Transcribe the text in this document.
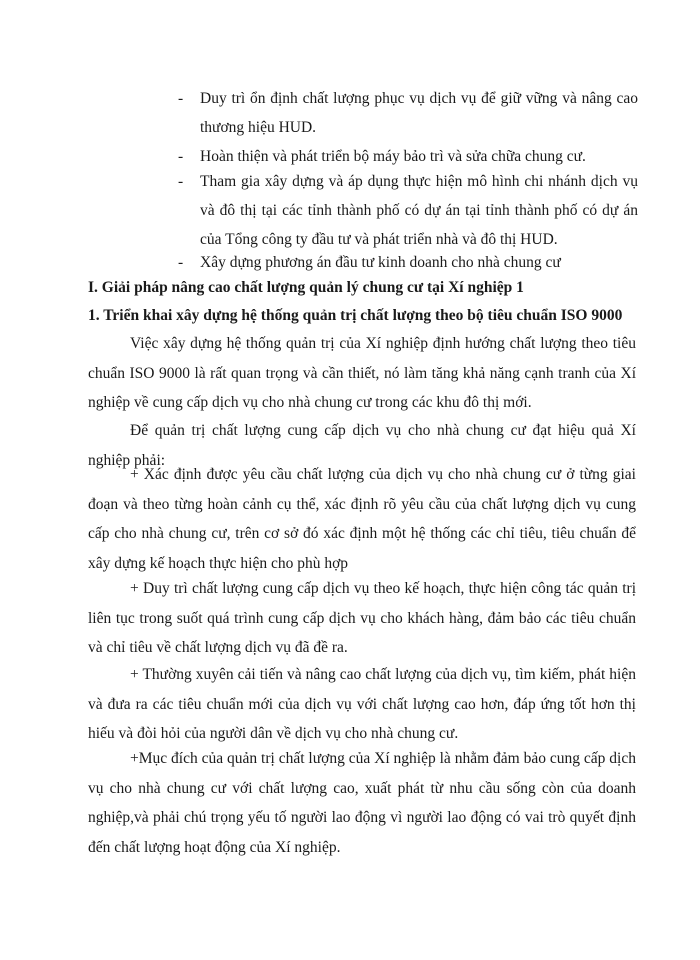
- Duy trì ổn định chất lượng phục vụ dịch vụ để giữ vững và nâng cao thương hiệu HUD.
- Hoàn thiện và phát triển bộ máy bảo trì và sửa chữa chung cư.
- Tham gia xây dựng và áp dụng thực hiện mô hình chi nhánh dịch vụ và đô thị tại các tỉnh thành phố có dự án tại tỉnh thành phố có dự án của Tổng công ty đầu tư và phát triển nhà và đô thị HUD.
- Xây dựng phương án đầu tư kinh doanh cho nhà chung cư
I. Giải pháp nâng cao chất lượng quản lý chung cư tại Xí nghiệp 1
1. Triển khai xây dựng hệ thống quản trị chất lượng theo bộ tiêu chuẩn ISO 9000

Việc xây dựng hệ thống quản trị của Xí nghiệp định hướng chất lượng theo tiêu chuẩn ISO 9000 là rất quan trọng và cần thiết, nó làm tăng khả năng cạnh tranh của Xí nghiệp về cung cấp dịch vụ cho nhà chung cư trong các khu đô thị mới.

Để quản trị chất lượng cung cấp dịch vụ cho nhà chung cư đạt hiệu quả Xí nghiệp phải:

+ Xác định được yêu cầu chất lượng của dịch vụ cho nhà chung cư ở từng giai đoạn và theo từng hoàn cảnh cụ thể, xác định rõ yêu cầu của chất lượng dịch vụ cung cấp cho nhà chung cư, trên cơ sở đó xác định một hệ thống các chỉ tiêu, tiêu chuẩn để xây dựng kế hoạch thực hiện cho phù hợp

+ Duy trì chất lượng cung cấp dịch vụ theo kế hoạch, thực hiện công tác quản trị liên tục trong suốt quá trình cung cấp dịch vụ cho khách hàng, đảm bảo các tiêu chuẩn và chỉ tiêu về chất lượng dịch vụ đã đề ra.

+ Thường xuyên cải tiến và nâng cao chất lượng của dịch vụ, tìm kiếm, phát hiện và đưa ra các tiêu chuẩn mới của dịch vụ với chất lượng cao hơn, đáp ứng tốt hơn thị hiếu và đòi hỏi của người dân về dịch vụ cho nhà chung cư.

+Mục đích của quản trị chất lượng của Xí nghiệp là nhằm đảm bảo cung cấp dịch vụ cho nhà chung cư với chất lượng cao, xuất phát từ nhu cầu sống còn của doanh nghiệp,và phải chú trọng yếu tố người lao động vì người lao động có vai trò quyết định đến chất lượng hoạt động của Xí nghiệp.
